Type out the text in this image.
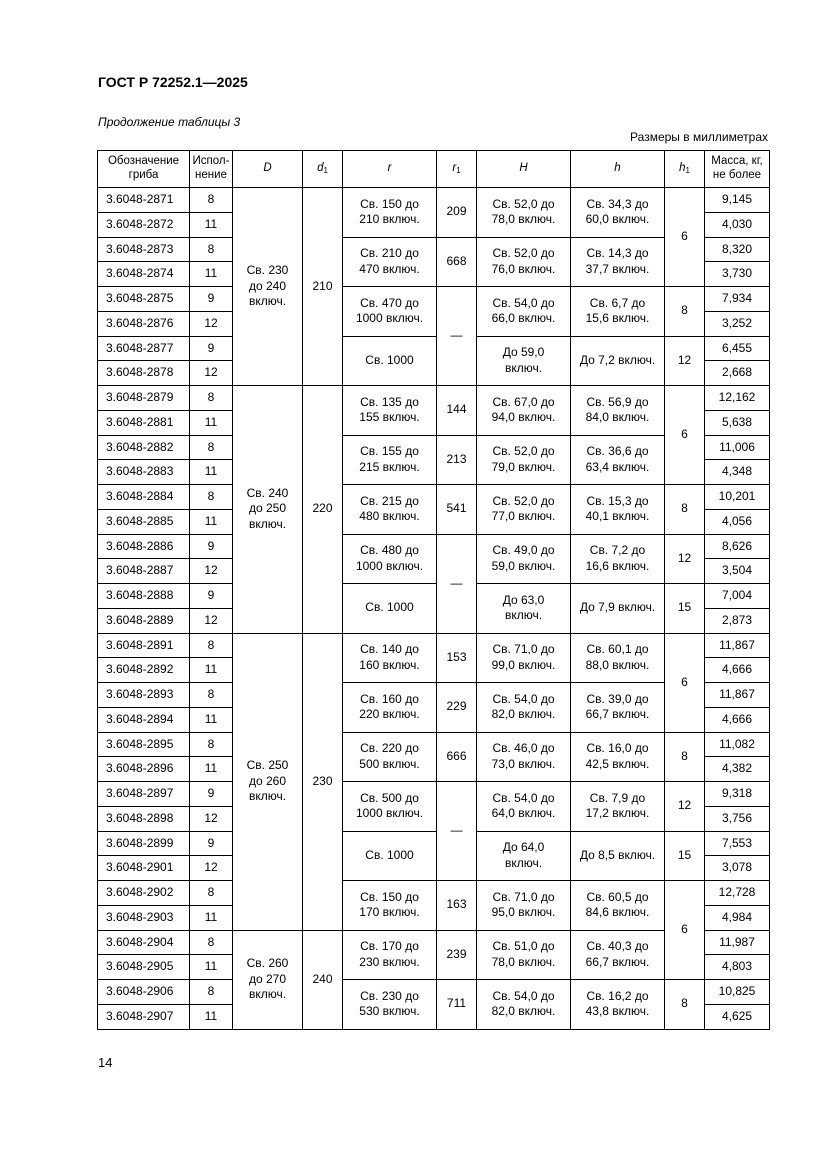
ГОСТ Р 72252.1—2025
Продолжение таблицы 3
Размеры в миллиметрах
Обозначение
гриба	Испол-
нение	D	$d_1$	r	$r_1$	H	h	$h_1$	Масса, кг,
не более
3.6048-2871	8	Св. 230
до 240
включ.	210	Св. 150 до
210 включ.	209	Св. 52,0 до
78,0 включ.	Св. 34,3 до
60,0 включ.	6	9,145
3.6048-2872	11								4,030
3.6048-2873	8			Св. 210 до
470 включ.	668	Св. 52,0 до
76,0 включ.	Св. 14,3 до
37,7 включ.		8,320
3.6048-2874	11								3,730
3.6048-2875	9			Св. 470 до
1000 включ.	—	Св. 54,0 до
66,0 включ.	Св. 6,7 до
15,6 включ.	8	7,934
3.6048-2876	12								3,252
3.6048-2877	9			Св. 1000		До 59,0
включ.	До 7,2 включ.	12	6,455
3.6048-2878	12								2,668
3.6048-2879	8	Св. 240
до 250
включ.	220	Св. 135 до
155 включ.	144	Св. 67,0 до
94,0 включ.	Св. 56,9 до
84,0 включ.	6	12,162
3.6048-2881	11								5,638
3.6048-2882	8			Св. 155 до
215 включ.	213	Св. 52,0 до
79,0 включ.	Св. 36,6 до
63,4 включ.		11,006
3.6048-2883	11								4,348
3.6048-2884	8			Св. 215 до
480 включ.	541	Св. 52,0 до
77,0 включ.	Св. 15,3 до
40,1 включ.	8	10,201
3.6048-2885	11								4,056
3.6048-2886	9			Св. 480 до
1000 включ.	—	Св. 49,0 до
59,0 включ.	Св. 7,2 до
16,6 включ.	12	8,626
3.6048-2887	12								3,504
3.6048-2888	9			Св. 1000		До 63,0
включ.	До 7,9 включ.	15	7,004
3.6048-2889	12								2,873
3.6048-2891	8	Св. 250
до 260
включ.	230	Св. 140 до
160 включ.	153	Св. 71,0 до
99,0 включ.	Св. 60,1 до
88,0 включ.	6	11,867
3.6048-2892	11								4,666
3.6048-2893	8			Св. 160 до
220 включ.	229	Св. 54,0 до
82,0 включ.	Св. 39,0 до
66,7 включ.		11,867
3.6048-2894	11								4,666
3.6048-2895	8			Св. 220 до
500 включ.	666	Св. 46,0 до
73,0 включ.	Св. 16,0 до
42,5 включ.	8	11,082
3.6048-2896	11								4,382
3.6048-2897	9			Св. 500 до
1000 включ.	—	Св. 54,0 до
64,0 включ.	Св. 7,9 до
17,2 включ.	12	9,318
3.6048-2898	12								3,756
3.6048-2899	9			Св. 1000		До 64,0
включ.	До 8,5 включ.	15	7,553
3.6048-2901	12								3,078
3.6048-2902	8			Св. 150 до
170 включ.	163	Св. 71,0 до
95,0 включ.	Св. 60,5 до
84,6 включ.	6	12,728
3.6048-2903	11								4,984
3.6048-2904	8	Св. 260
до 270
включ.	240	Св. 170 до
230 включ.	239	Св. 51,0 до
78,0 включ.	Св. 40,3 до
66,7 включ.		11,987
3.6048-2905	11								4,803
3.6048-2906	8			Св. 230 до
530 включ.	711	Св. 54,0 до
82,0 включ.	Св. 16,2 до
43,8 включ.	8	10,825
3.6048-2907	11								4,625
14
